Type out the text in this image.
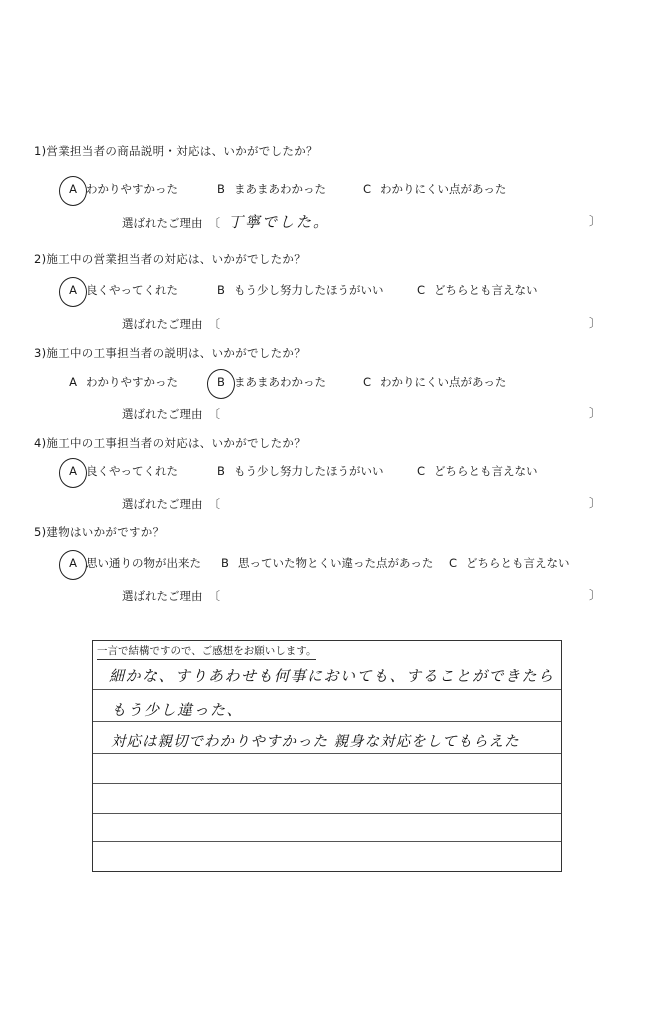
1)営業担当者の商品説明・対応は、いかがでしたか？
A わかりやすかった	B まあまあわかった	C わかりにくい点があった
選ばれたご理由 〔 丁寧でした。	〕
2)施工中の営業担当者の対応は、いかがでしたか？
A 良くやってくれた	B もう少し努力したほうがいい	C どちらとも言えない
選ばれたご理由 〔	〕
3)施工中の工事担当者の説明は、いかがでしたか？
A わかりやすかった	B まあまあわかった	C わかりにくい点があった
選ばれたご理由 〔	〕
4)施工中の工事担当者の対応は、いかがでしたか？
A 良くやってくれた	B もう少し努力したほうがいい	C どちらとも言えない
選ばれたご理由 〔	〕
5)建物はいかがですか？
A 思い通りの物が出来た B 思っていた物とくい違った点があった C どちらとも言えない
選ばれたご理由 〔	〕
一言で結構ですので、ご感想をお願いします。
細かな、すりあわせも何事においても、することができたら
もう少し違った、
対応は親切でわかりやすかった 親身な対応をしてもらえた
